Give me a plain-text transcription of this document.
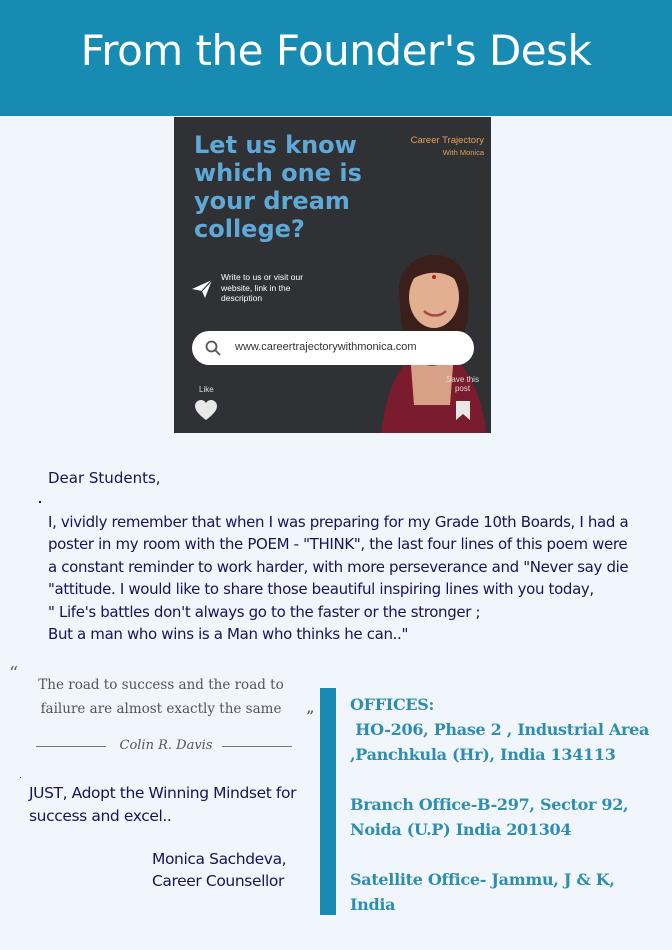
From the Founder's Desk
Let us know
which one is
your dream
college?
Career Trajectory
With Monica
Write to us or visit our
website, link in the
description
www.careertrajectorywithmonica.com
Like
Save this
post
Dear Students,
I, vividly remember that when I was preparing for my Grade 10th Boards, I had a
poster in my room with the POEM - "THINK", the last four lines of this poem were
a constant reminder to work harder, with more perseverance and "Never say die
"attitude. I would like to share those beautiful inspiring lines with you today,
" Life's battles don't always go to the faster or the stronger ;
But a man who wins is a Man who thinks he can.."
“
The road to success and the road to
failure are almost exactly the same ”
Colin R. Davis
JUST, Adopt the Winning Mindset for
success and excel..
Monica Sachdeva,
Career Counsellor
OFFICES:
HO-206, Phase 2 , Industrial Area
,Panchkula (Hr), India 134113
Branch Office-B-297, Sector 92,
Noida (U.P) India 201304
Satellite Office- Jammu, J & K,
India
